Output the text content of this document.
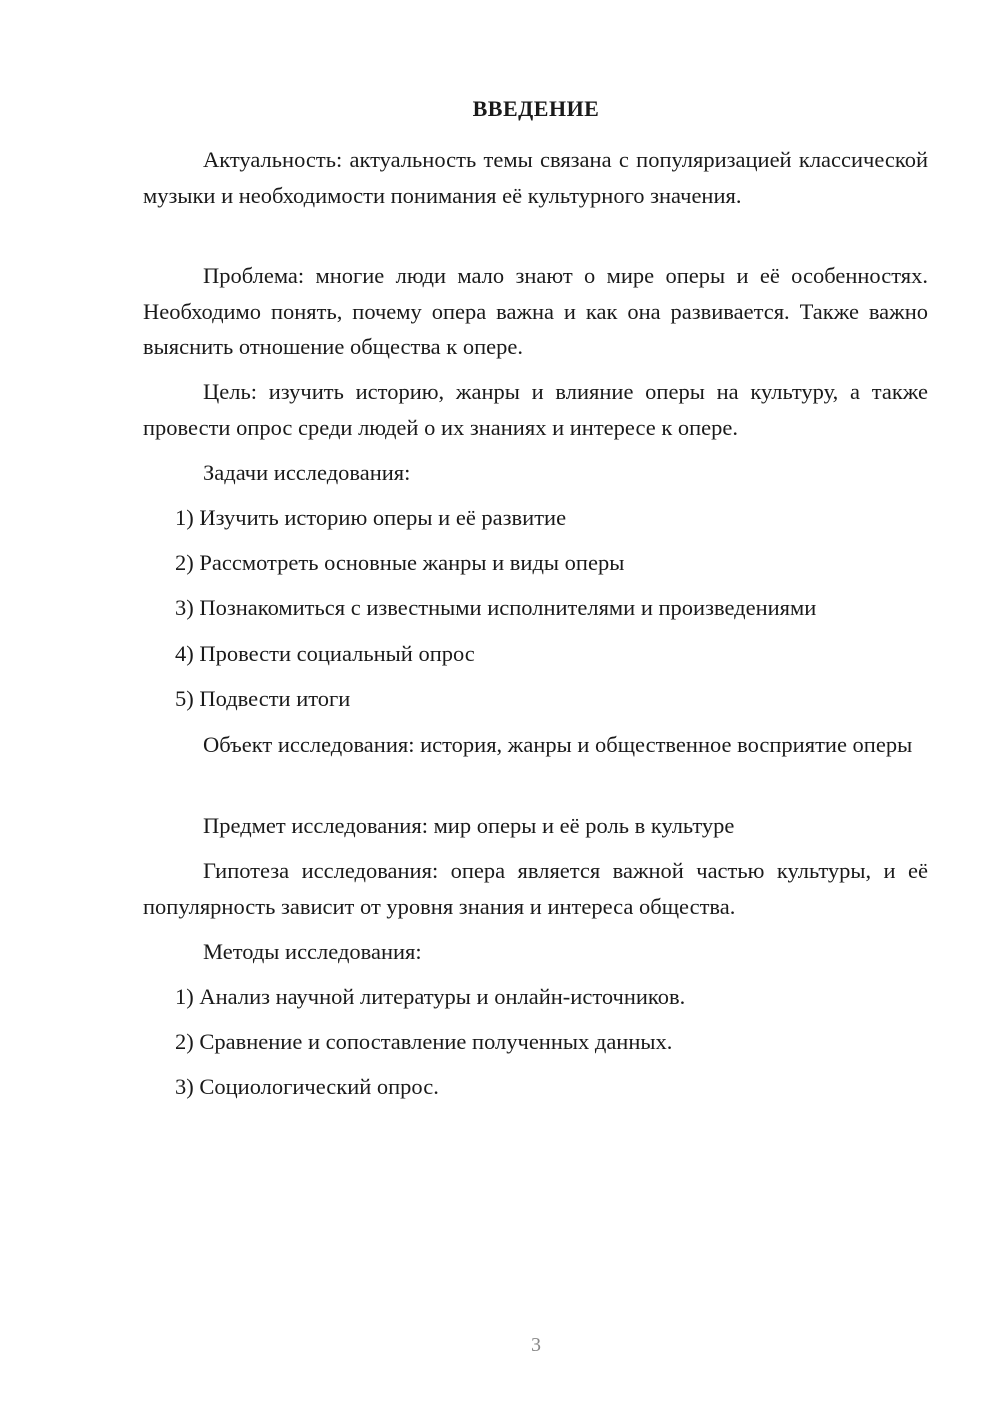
ВВЕДЕНИЕ

Актуальность: актуальность темы связана с популяризацией классической музыки и необходимости понимания её культурного значения.

Проблема: многие люди мало знают о мире оперы и её особенностях. Необходимо понять, почему опера важна и как она развивается. Также важно выяснить отношение общества к опере.

Цель: изучить историю, жанры и влияние оперы на культуру, а также провести опрос среди людей о их знаниях и интересе к опере.

Задачи исследования:

1) Изучить историю оперы и её развитие

2) Рассмотреть основные жанры и виды оперы

3) Познакомиться с известными исполнителями и произведениями

4) Провести социальный опрос

5) Подвести итоги

Объект исследования: история, жанры и общественное восприятие оперы

Предмет исследования: мир оперы и её роль в культуре

Гипотеза исследования: опера является важной частью культуры, и её популярность зависит от уровня знания и интереса общества.

Методы исследования:

1) Анализ научной литературы и онлайн-источников.

2) Сравнение и сопоставление полученных данных.

3) Социологический опрос.

3
